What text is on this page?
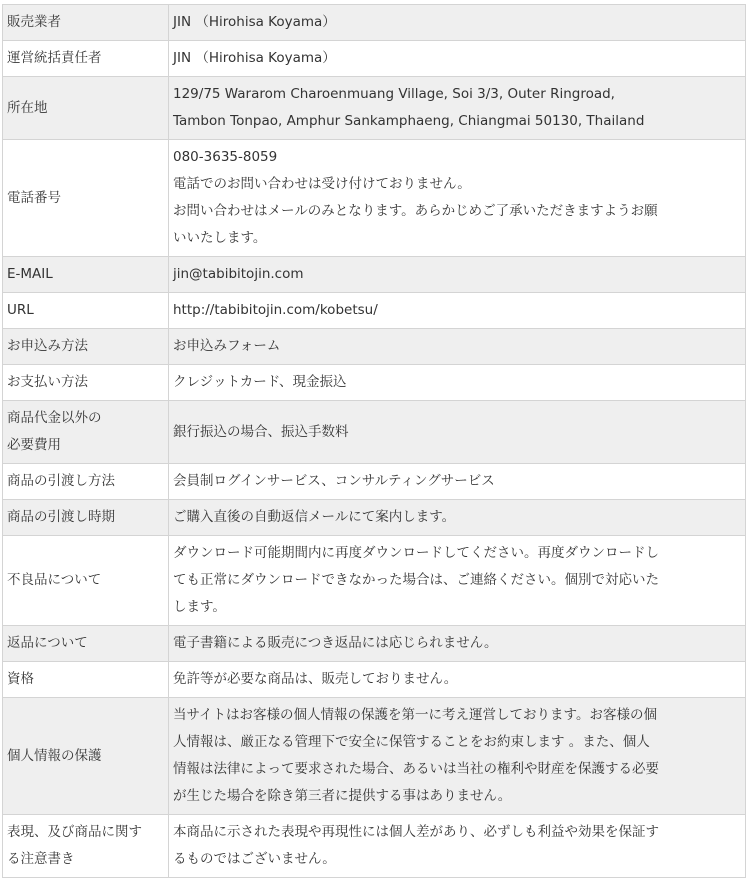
販売業者	JIN （Hirohisa Koyama）

運営統括責任者	JIN （Hirohisa Koyama）

所在地	129/75 Wararom Charoenmuang Village, Soi 3/3, Outer Ringroad,
Tambon Tonpao, Amphur Sankamphaeng, Chiangmai 50130, Thailand

電話番号	080-3635-8059
電話でのお問い合わせは受け付けておりません。
お問い合わせはメールのみとなります。あらかじめご了承いただきますようお願
いいたします。

E-MAIL	jin@tabibitojin.com

URL	http://tabibitojin.com/kobetsu/

お申込み方法	お申込みフォーム

お支払い方法	クレジットカード、現金振込

商品代金以外の
必要費用	銀行振込の場合、振込手数料

商品の引渡し方法	会員制ログインサービス、コンサルティングサービス

商品の引渡し時期	ご購入直後の自動返信メールにて案内します。

不良品について	ダウンロード可能期間内に再度ダウンロードしてください。再度ダウンロードし
ても正常にダウンロードできなかった場合は、ご連絡ください。個別で対応いた
します。

返品について	電子書籍による販売につき返品には応じられません。

資格	免許等が必要な商品は、販売しておりません。

個人情報の保護	当サイトはお客様の個人情報の保護を第一に考え運営しております。お客様の個
人情報は、厳正なる管理下で安全に保管することをお約束します 。また、個人
情報は法律によって要求された場合、あるいは当社の権利や財産を保護する必要
が生じた場合を除き第三者に提供する事はありません。

表現、及び商品に関す
る注意書き	本商品に示された表現や再現性には個人差があり、必ずしも利益や効果を保証す
るものではございません。
